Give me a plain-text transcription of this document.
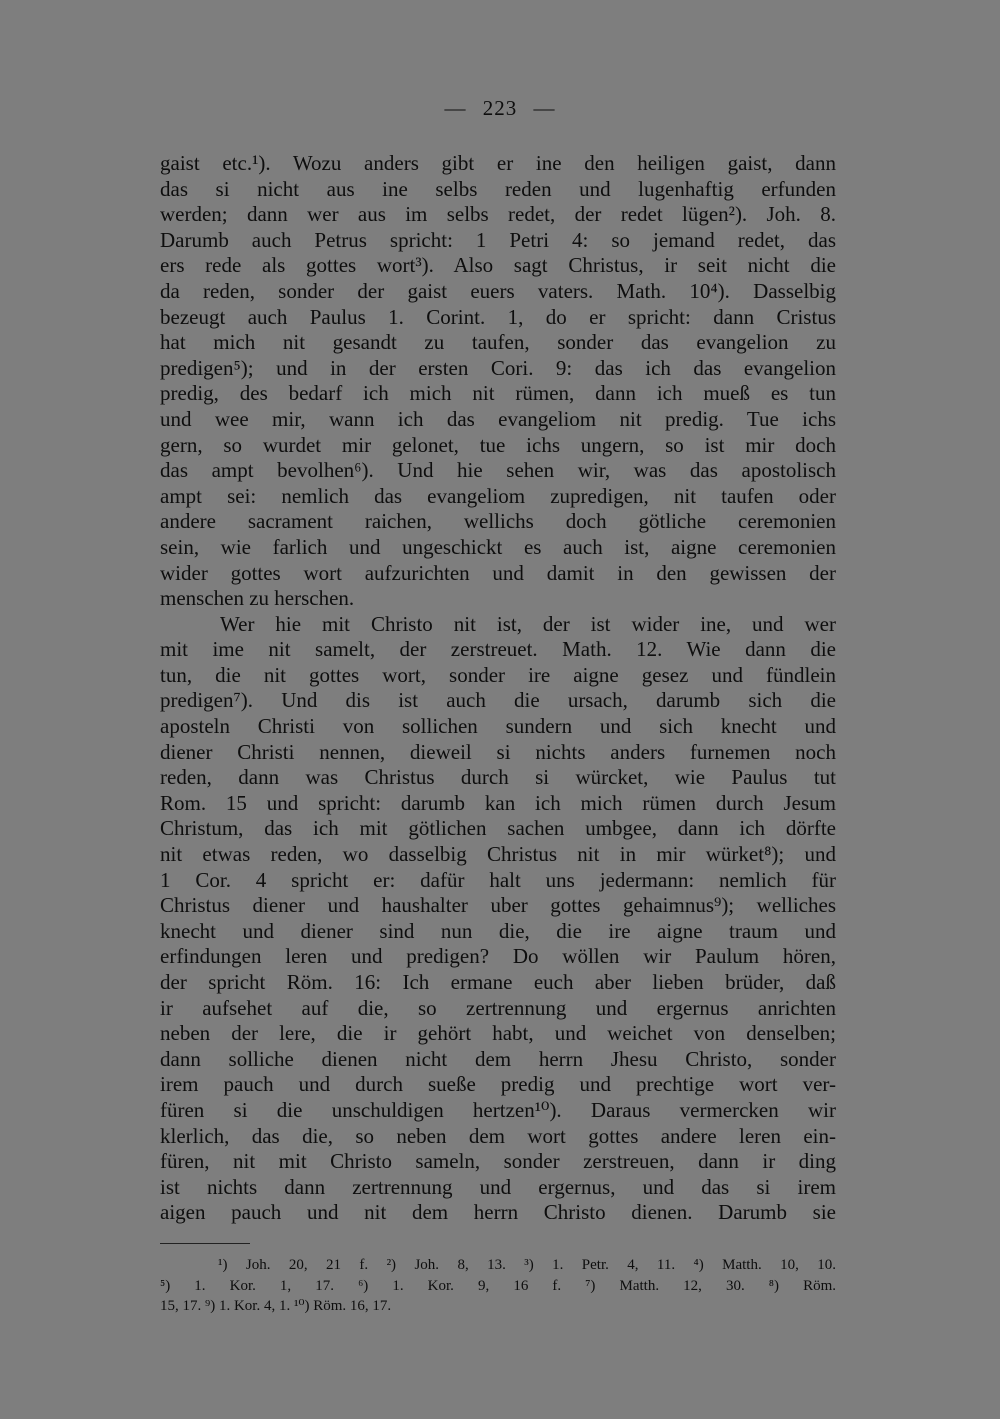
— 223 —
gaist etc.¹). Wozu anders gibt er ine den heiligen gaist, dann
das si nicht aus ine selbs reden und lugenhaftig erfunden
werden; dann wer aus im selbs redet, der redet lügen²). Joh. 8.
Darumb auch Petrus spricht: 1 Petri 4: so jemand redet, das
ers rede als gottes wort³). Also sagt Christus, ir seit nicht die
da reden, sonder der gaist euers vaters. Math. 10⁴). Dasselbig
bezeugt auch Paulus 1. Corint. 1, do er spricht: dann Cristus
hat mich nit gesandt zu taufen, sonder das evangelion zu
predigen⁵); und in der ersten Cori. 9: das ich das evangelion
predig, des bedarf ich mich nit rümen, dann ich mueß es tun
und wee mir, wann ich das evangeliom nit predig. Tue ichs
gern, so wurdet mir gelonet, tue ichs ungern, so ist mir doch
das ampt bevolhen⁶). Und hie sehen wir, was das apostolisch
ampt sei: nemlich das evangeliom zupredigen, nit taufen oder
andere sacrament raichen, wellichs doch götliche ceremonien
sein, wie farlich und ungeschickt es auch ist, aigne ceremonien
wider gottes wort aufzurichten und damit in den gewissen der
menschen zu herschen.
Wer hie mit Christo nit ist, der ist wider ine, und wer
mit ime nit samelt, der zerstreuet. Math. 12. Wie dann die
tun, die nit gottes wort, sonder ire aigne gesez und fündlein
predigen⁷). Und dis ist auch die ursach, darumb sich die
aposteln Christi von sollichen sundern und sich knecht und
diener Christi nennen, dieweil si nichts anders furnemen noch
reden, dann was Christus durch si würcket, wie Paulus tut
Rom. 15 und spricht: darumb kan ich mich rümen durch Jesum
Christum, das ich mit götlichen sachen umbgee, dann ich dörfte
nit etwas reden, wo dasselbig Christus nit in mir würket⁸); und
1 Cor. 4 spricht er: dafür halt uns jedermann: nemlich für
Christus diener und haushalter uber gottes gehaimnus⁹); welliches
knecht und diener sind nun die, die ire aigne traum und
erfindungen leren und predigen? Do wöllen wir Paulum hören,
der spricht Röm. 16: Ich ermane euch aber lieben brüder, daß
ir aufsehet auf die, so zertrennung und ergernus anrichten
neben der lere, die ir gehört habt, und weichet von denselben;
dann solliche dienen nicht dem herrn Jhesu Christo, sonder
irem pauch und durch sueße predig und prechtige wort ver-
füren si die unschuldigen hertzen¹⁰). Daraus vermercken wir
klerlich, das die, so neben dem wort gottes andere leren ein-
füren, nit mit Christo sameln, sonder zerstreuen, dann ir ding
ist nichts dann zertrennung und ergernus, und das si irem
aigen pauch und nit dem herrn Christo dienen. Darumb sie
¹) Joh. 20, 21 f. ²) Joh. 8, 13. ³) 1. Petr. 4, 11. ⁴) Matth. 10, 10.
⁵) 1. Kor. 1, 17. ⁶) 1. Kor. 9, 16 f. ⁷) Matth. 12, 30. ⁸) Röm.
15, 17. ⁹) 1. Kor. 4, 1. ¹⁰) Röm. 16, 17.
